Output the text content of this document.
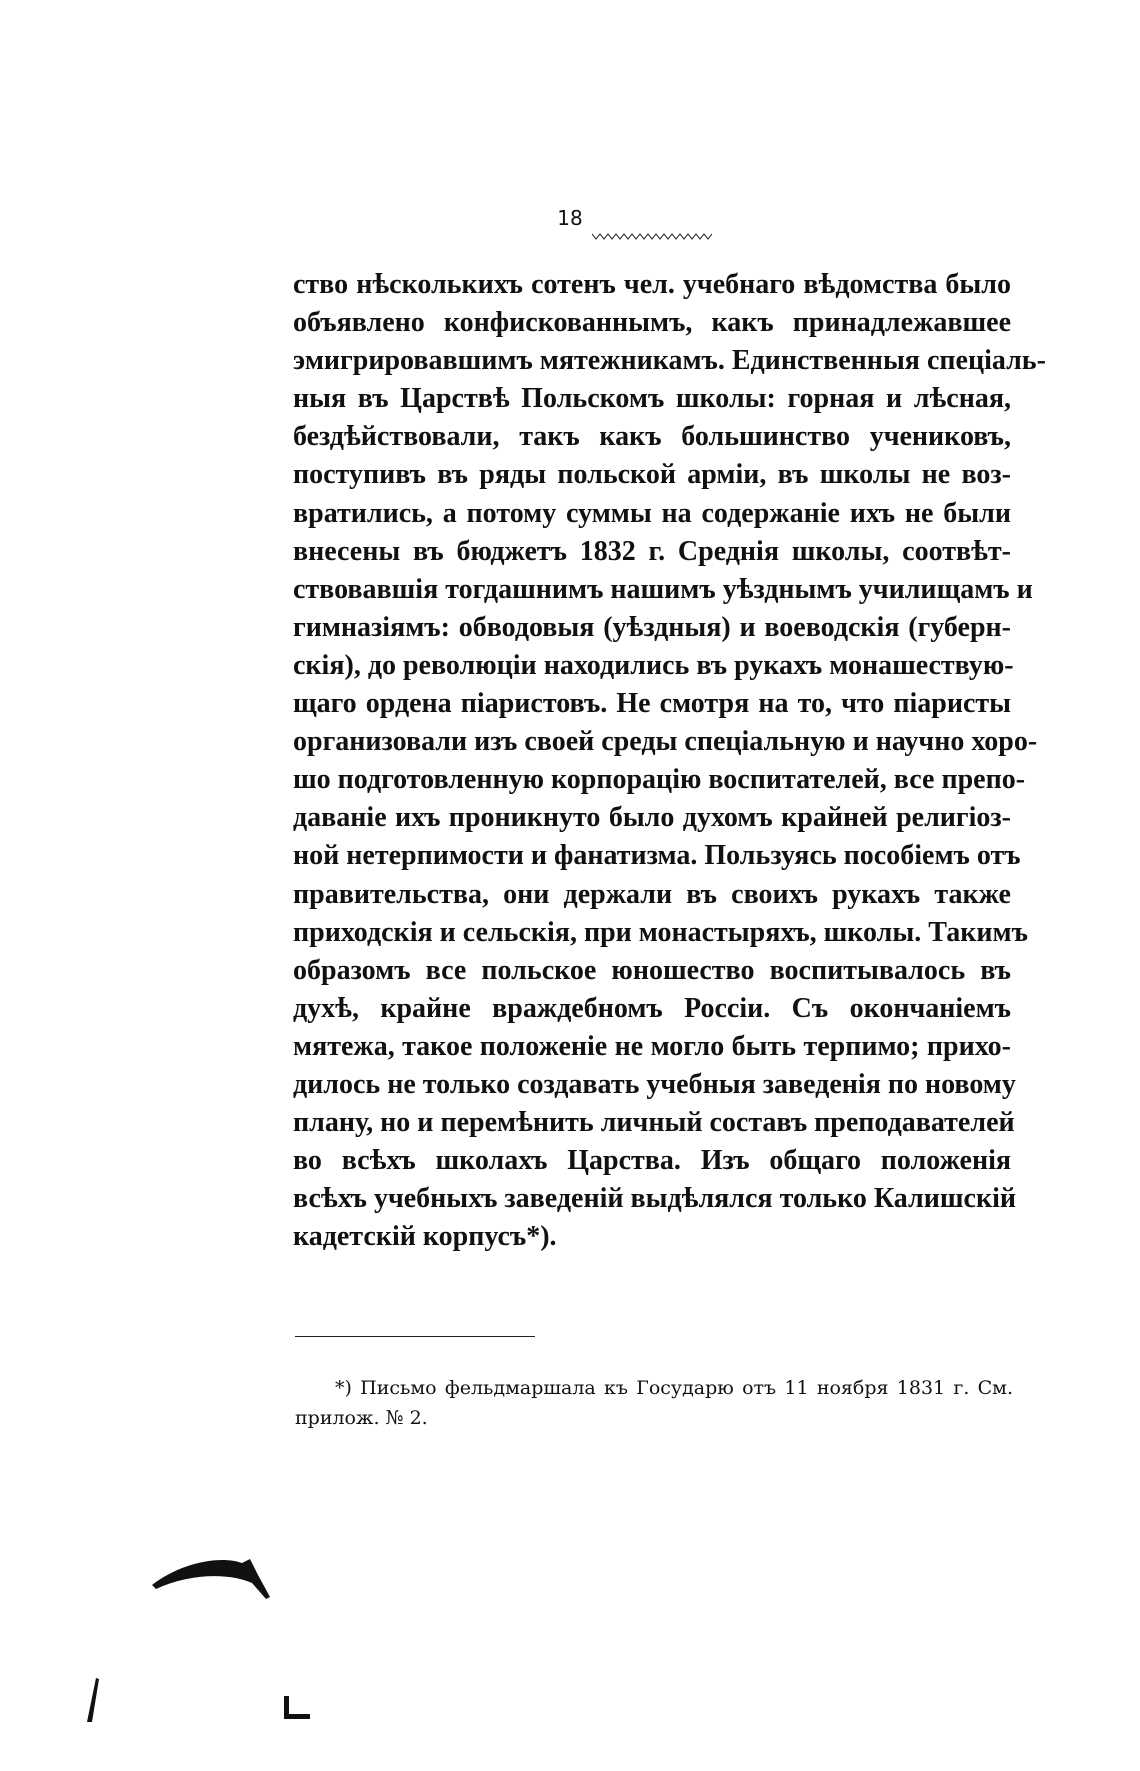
18
ство нѣсколькихъ сотенъ чел. учебнаго вѣдомства было
объявлено конфискованнымъ, какъ принадлежавшее
эмигрировавшимъ мятежникамъ. Единственныя спеціаль-
ныя въ Царствѣ Польскомъ школы: горная и лѣсная,
бездѣйствовали, такъ какъ большинство учениковъ,
поступивъ въ ряды польской арміи, въ школы не воз-
вратились, а потому суммы на содержаніе ихъ не были
внесены въ бюджетъ 1832 г. Среднія школы, соотвѣт-
ствовавшія тогдашнимъ нашимъ уѣзднымъ училищамъ и
гимназіямъ: обводовыя (уѣздныя) и воеводскія (губерн-
скія), до революціи находились въ рукахъ монашествую-
щаго ордена піаристовъ. Не смотря на то, что піаристы
организовали изъ своей среды спеціальную и научно хоро-
шо подготовленную корпорацію воспитателей, все препо-
даваніе ихъ проникнуто было духомъ крайней религіоз-
ной нетерпимости и фанатизма. Пользуясь пособіемъ отъ
правительства, они держали въ своихъ рукахъ также
приходскія и сельскія, при монастыряхъ, школы. Такимъ
образомъ все польское юношество воспитывалось въ
духѣ, крайне враждебномъ Россіи. Съ окончаніемъ
мятежа, такое положеніе не могло быть терпимо; прихо-
дилось не только создавать учебныя заведенія по новому
плану, но и перемѣнить личный составъ преподавателей
во всѣхъ школахъ Царства. Изъ общаго положенія
всѣхъ учебныхъ заведеній выдѣлялся только Калишскій
кадетскій корпусъ*).
*) Письмо фельдмаршала къ Государю отъ 11 ноября 1831 г. См.
прилож. № 2.
